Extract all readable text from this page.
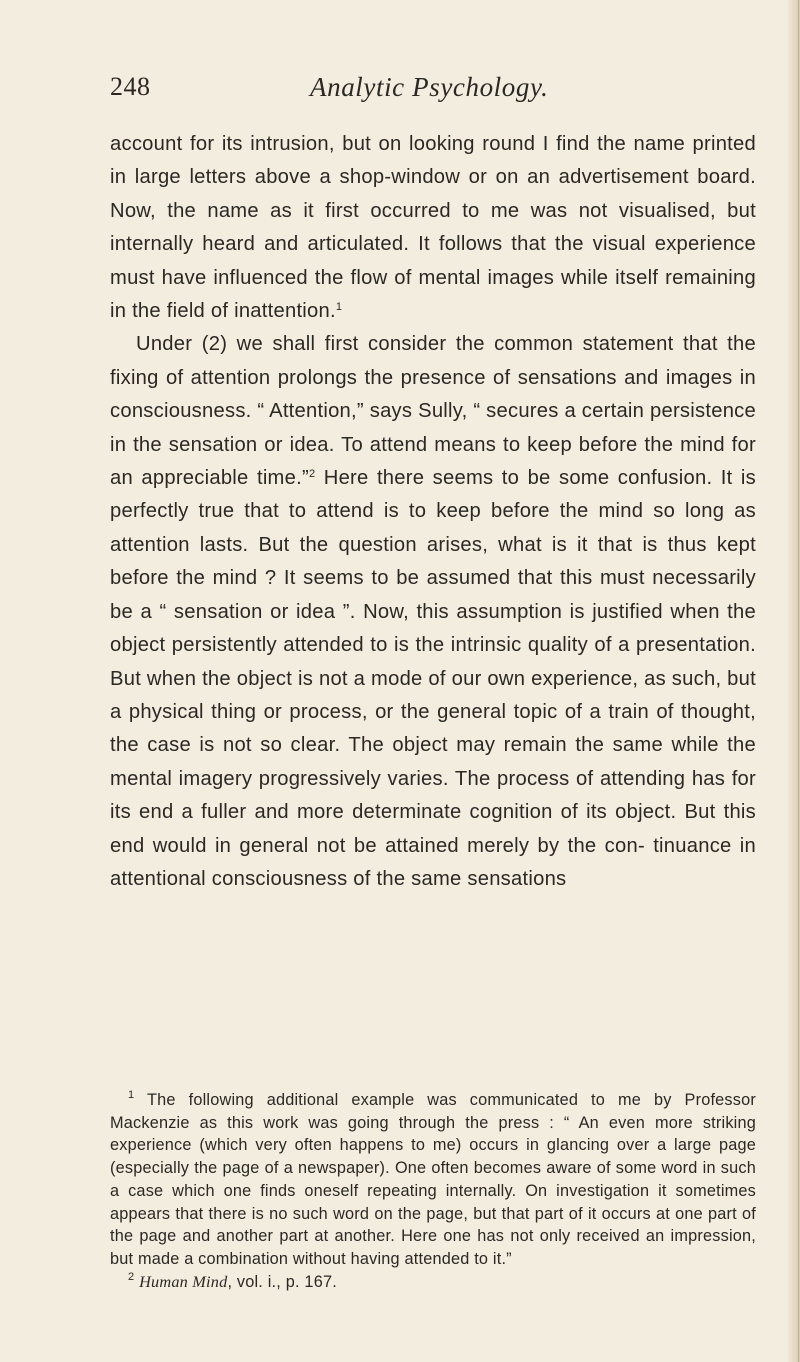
248	Analytic Psychology.

account for its intrusion, but on looking round I find the name printed in large letters above a shop-window or on an advertisement board. Now, the name as it first occurred to me was not visualised, but internally heard and articulated. It follows that the visual experience must have influenced the flow of mental images while itself remaining in the field of inattention.$^1$

Under (2) we shall first consider the common statement that the fixing of attention prolongs the presence of sensations and images in consciousness. “ Attention,” says Sully, “ secures a certain persistence in the sensation or idea. To attend means to keep before the mind for an appreciable time.”$^2$ Here there seems to be some confusion. It is perfectly true that to attend is to keep before the mind so long as attention lasts. But the question arises, what is it that is thus kept before the mind ? It seems to be assumed that this must necessarily be a “ sensation or idea ”. Now, this assumption is justified when the object persistently attended to is the intrinsic quality of a presentation. But when the object is not a mode of our own experience, as such, but a physical thing or process, or the general topic of a train of thought, the case is not so clear. The object may remain the same while the mental imagery progressively varies. The process of attending has for its end a fuller and more determinate cognition of its object. But this end would in general not be attained merely by the con- tinuance in attentional consciousness of the same sensations

$^1$ The following additional example was communicated to me by Professor Mackenzie as this work was going through the press : “ An even more striking experience (which very often happens to me) occurs in glancing over a large page (especially the page of a newspaper). One often becomes aware of some word in such a case which one finds oneself repeating internally. On investigation it sometimes appears that there is no such word on the page, but that part of it occurs at one part of the page and another part at another. Here one has not only received an impression, but made a combination without having attended to it.”

$^2$ Human Mind, vol. i., p. 167.
